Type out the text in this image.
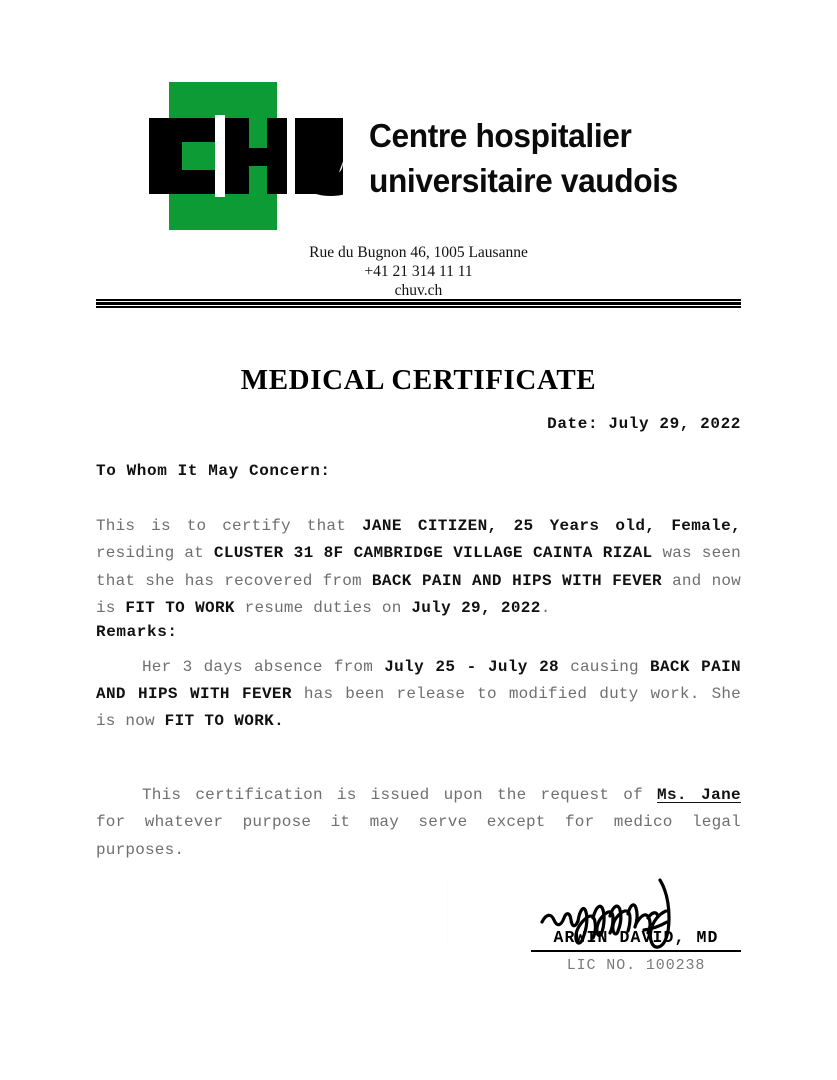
Centre hospitalier
universitaire vaudois
Rue du Bugnon 46, 1005 Lausanne
+41 21 314 11 11
chuv.ch
MEDICAL CERTIFICATE
Date: July 29, 2022
To Whom It May Concern:

This is to certify that JANE CITIZEN, 25 Years old, Female, residing at CLUSTER 31 8F CAMBRIDGE VILLAGE CAINTA RIZAL was seen that she has recovered from BACK PAIN AND HIPS WITH FEVER and now is FIT TO WORK resume duties on July 29, 2022.

Remarks:

Her 3 days absence from July 25 - July 28 causing BACK PAIN AND HIPS WITH FEVER has been release to modified duty work. She is now FIT TO WORK.

This certification is issued upon the request of Ms. Jane for whatever purpose it may serve except for medico legal purposes.

ARWIN DAVID, MD
LIC NO. 100238
